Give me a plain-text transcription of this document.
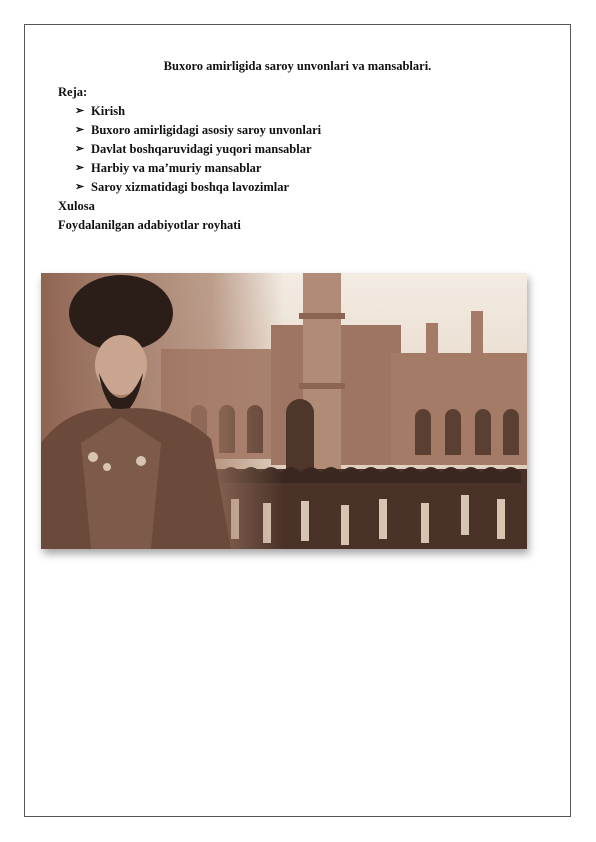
Buxoro amirligida saroy unvonlari va mansablari.
Reja:
➢ Kirish
➢ Buxoro amirligidagi asosiy saroy unvonlari
➢ Davlat boshqaruvidagi yuqori mansablar
➢ Harbiy va ma’muriy mansablar
➢ Saroy xizmatidagi boshqa lavozimlar
Xulosa
Foydalanilgan adabiyotlar royhati
